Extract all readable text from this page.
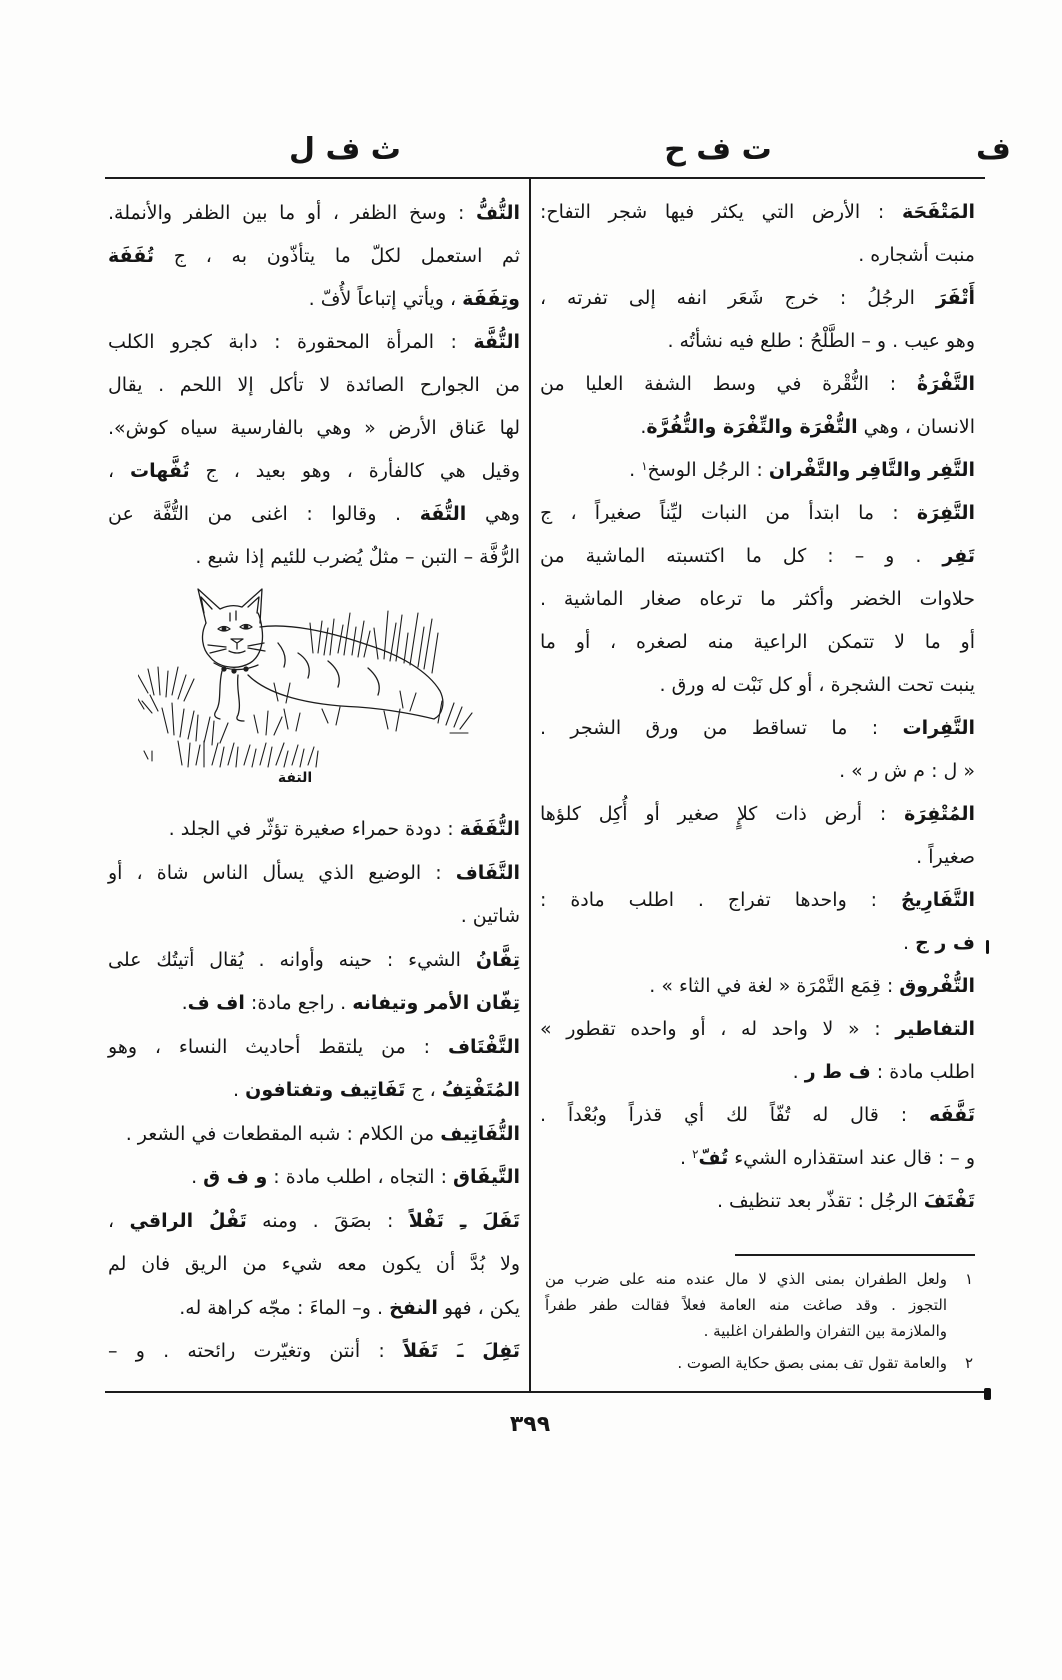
ت ف ح
ث ف ل	ف
المَتْفَحَة : الأرض التي يكثر فيها شجر التفاح:
منبت أشجاره .
أَتْفَرَ الرجُلُ : خرج شَعَر انفه إلى تفرته ،
وهو عيب . و – الطَّلْحُ : طلع فيه نشأتُه .
التَّفْرَةُ : النُّقْرة في وسط الشفة العليا من
الانسان ، وهي التُّفْرَة والتِّفْرَة والتُّفُرَّة.
التَّفِر والتَّافِر والتَّفْران : الرجُل الوسخ$^١$ .
التَّفِرَة : ما ابتدأ من النبات ليِّناً صغيراً ، ج
تَفِر . و – : كل ما اكتسبته الماشية من
حلاوات الخضر وأكثر ما ترعاه صغار الماشية .
أو ما لا تتمكن الراعية منه لصغره ، أو ما
ينبت تحت الشجرة ، أو كل نَبْت له ورق .
التَّفِرات : ما تساقط من ورق الشجر .
« ل : م ش ر » .
المُتْفِرَة : أرض ذات كلإٍ صغير أو أُكِل كلؤها
صغيراً .
التَّفَارِيجُ : واحدها تفراج . اطلب مادة :
ف ر ج .
التُّفْروق : قِمَع التَّمْرَة « لغة في الثاء » .
التفاطير : « لا واحد له ، أو واحده تقطور »
اطلب مادة : ف ط ر .
تَفَّفَه : قال له تُفّاً لك أي قذراً وبُعْداً .
و – : قال عند استقذاره الشيء تُفّ$^٢$ .
تَفْتَفَ الرجُل : تقذّر بعد تنظيف .
التُّفُّ : وسخ الظفر ، أو ما بين الظفر والأنملة.
ثم استعمل لكلّ ما يتأذّون به ، ج تُفَفَة
وتِفَفَة ، ويأتي إتباعاً لأُفّ .
التُّفَّة : المرأة المحقورة : دابة كجرو الكلب
من الجوارح الصائدة لا تأكل إلا اللحم . يقال
لها عَناق الأرض « وهي بالفارسية سياه كوش».
وقيل هي كالفأرة ، وهو بعيد ، ج تُفَّهات ،
وهي التُّفَة . وقالوا : اغنى من التُّفَّة عن
الرُّفَّة – التبن – مثلٌ يُضرب للئيم إذا شبع .
التفة
التُّفَفَة : دودة حمراء صغيرة تؤثّر في الجلد .
التَّفَاف : الوضيع الذي يسأل الناس شاة ، أو
شاتين .
تِفَّانُ الشيء : حينه وأوانه . يُقال أتيتُك على
تِفّان الأمر وتيفانه . راجع مادة: اف ف.
التَّفْتَاف : من يلتقط أحاديث النساء ، وهو
المُتَفْتِفُ ، ج تَفَاتِيف وتفتافون .
التُّفَاتِيف من الكلام : شبه المقطعات في الشعر .
التَّيفَاق : التجاه ، اطلب مادة : و ف ق .
تَفَلَ ـِ تَفْلاً : بصَقَ . ومنه تَفْلُ الراقي ،
ولا بُدَّ أن يكون معه شيء من الريق فان لم
يكن ، فهو النفخ . و– الماءَ : مجّه كراهة له.
تَفِلَ ـَ تَفَلاً : أنتن وتغيّرت رائحته . و –
١
ولعل الطفران بمنى الذي لا مال عنده منه على ضرب من
التجوز . وقد صاغت منه العامة فعلاً فقالت طفر طفراً
والملازمة بين التفران والطفران اغلبية .
٢
والعامة تقول تف بمنى بصق حكاية الصوت .
٣٩٩
